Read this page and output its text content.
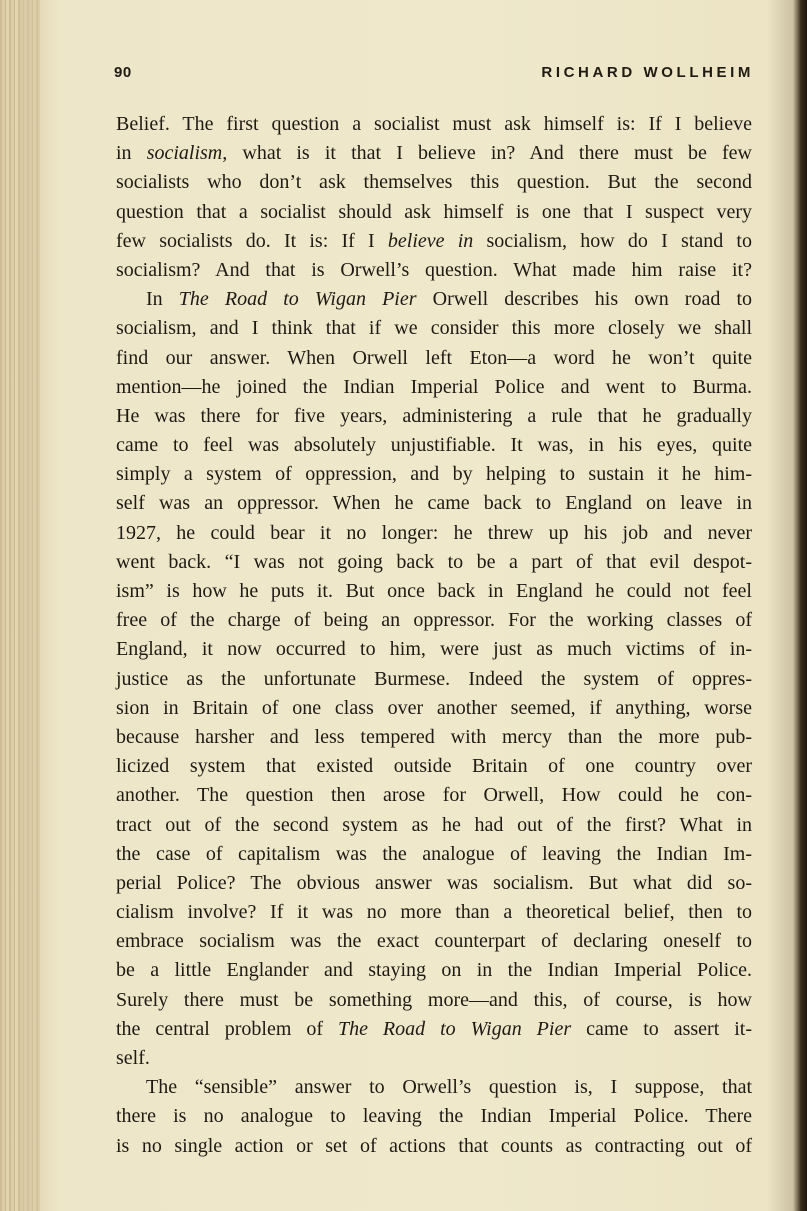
90	RICHARD WOLLHEIM
Belief. The first question a socialist must ask himself is: If I believe
in socialism, what is it that I believe in? And there must be few
socialists who don’t ask themselves this question. But the second
question that a socialist should ask himself is one that I suspect very
few socialists do. It is: If I believe in socialism, how do I stand to
socialism? And that is Orwell’s question. What made him raise it?
In The Road to Wigan Pier Orwell describes his own road to
socialism, and I think that if we consider this more closely we shall
find our answer. When Orwell left Eton—a word he won’t quite
mention—he joined the Indian Imperial Police and went to Burma.
He was there for five years, administering a rule that he gradually
came to feel was absolutely unjustifiable. It was, in his eyes, quite
simply a system of oppression, and by helping to sustain it he him-
self was an oppressor. When he came back to England on leave in
1927, he could bear it no longer: he threw up his job and never
went back. “I was not going back to be a part of that evil despot-
ism” is how he puts it. But once back in England he could not feel
free of the charge of being an oppressor. For the working classes of
England, it now occurred to him, were just as much victims of in-
justice as the unfortunate Burmese. Indeed the system of oppres-
sion in Britain of one class over another seemed, if anything, worse
because harsher and less tempered with mercy than the more pub-
licized system that existed outside Britain of one country over
another. The question then arose for Orwell, How could he con-
tract out of the second system as he had out of the first? What in
the case of capitalism was the analogue of leaving the Indian Im-
perial Police? The obvious answer was socialism. But what did so-
cialism involve? If it was no more than a theoretical belief, then to
embrace socialism was the exact counterpart of declaring oneself to
be a little Englander and staying on in the Indian Imperial Police.
Surely there must be something more—and this, of course, is how
the central problem of The Road to Wigan Pier came to assert it-
self.
The “sensible” answer to Orwell’s question is, I suppose, that
there is no analogue to leaving the Indian Imperial Police. There
is no single action or set of actions that counts as contracting out of
